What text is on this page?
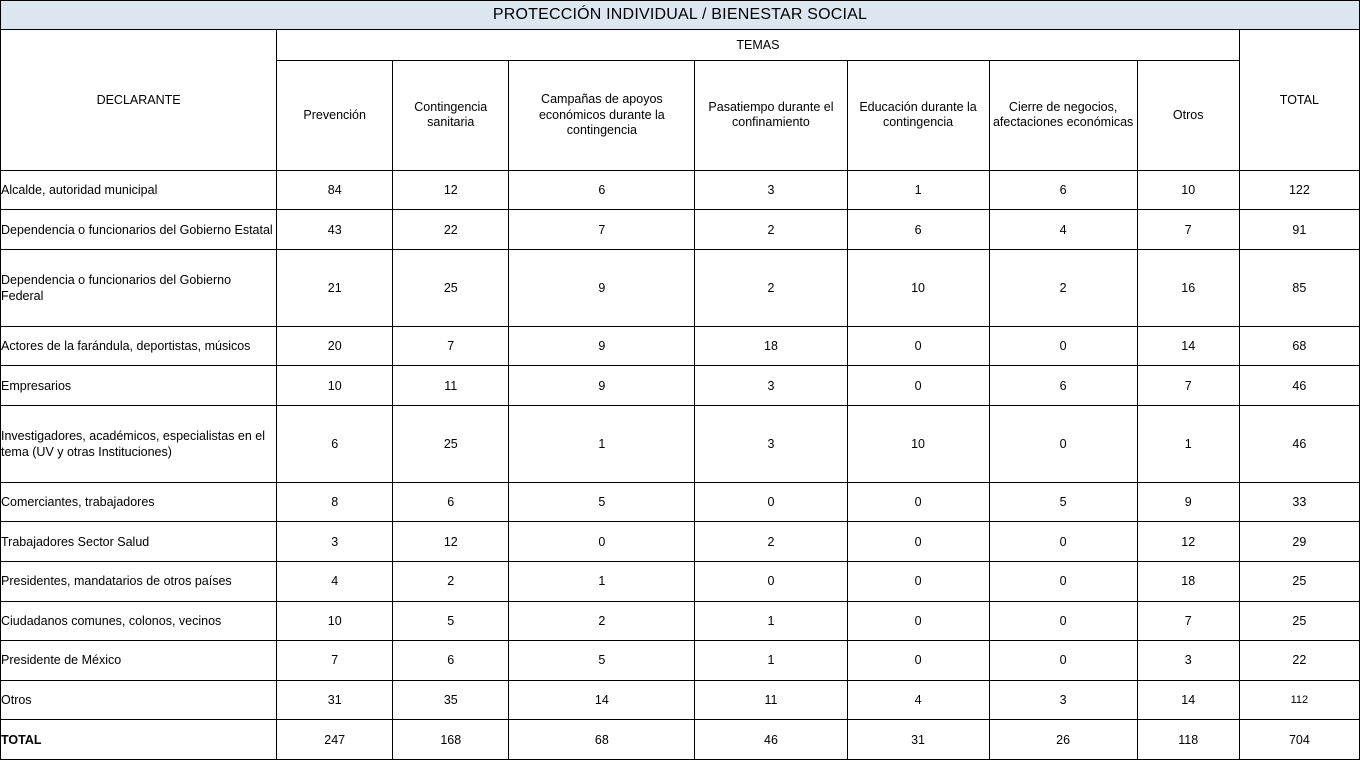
PROTECCIÓN INDIVIDUAL / BIENESTAR SOCIAL								
DECLARANTE	TEMAS							TOTAL
	Prevención	Contingencia sanitaria	Campañas de apoyos económicos durante la contingencia	Pasatiempo durante el confinamiento	Educación durante la contingencia	Cierre de negocios, afectaciones económicas	Otros	
Alcalde, autoridad municipal	84	12	6	3	1	6	10	122
Dependencia o funcionarios del Gobierno Estatal	43	22	7	2	6	4	7	91
Dependencia o funcionarios del Gobierno Federal	21	25	9	2	10	2	16	85
Actores de la farándula, deportistas, músicos	20	7	9	18	0	0	14	68
Empresarios	10	11	9	3	0	6	7	46
Investigadores, académicos, especialistas en el tema (UV y otras Instituciones)	6	25	1	3	10	0	1	46
Comerciantes, trabajadores	8	6	5	0	0	5	9	33
Trabajadores Sector Salud	3	12	0	2	0	0	12	29
Presidentes, mandatarios de otros países	4	2	1	0	0	0	18	25
Ciudadanos comunes, colonos, vecinos	10	5	2	1	0	0	7	25
Presidente de México	7	6	5	1	0	0	3	22
Otros	31	35	14	11	4	3	14	112
TOTAL	247	168	68	46	31	26	118	704
